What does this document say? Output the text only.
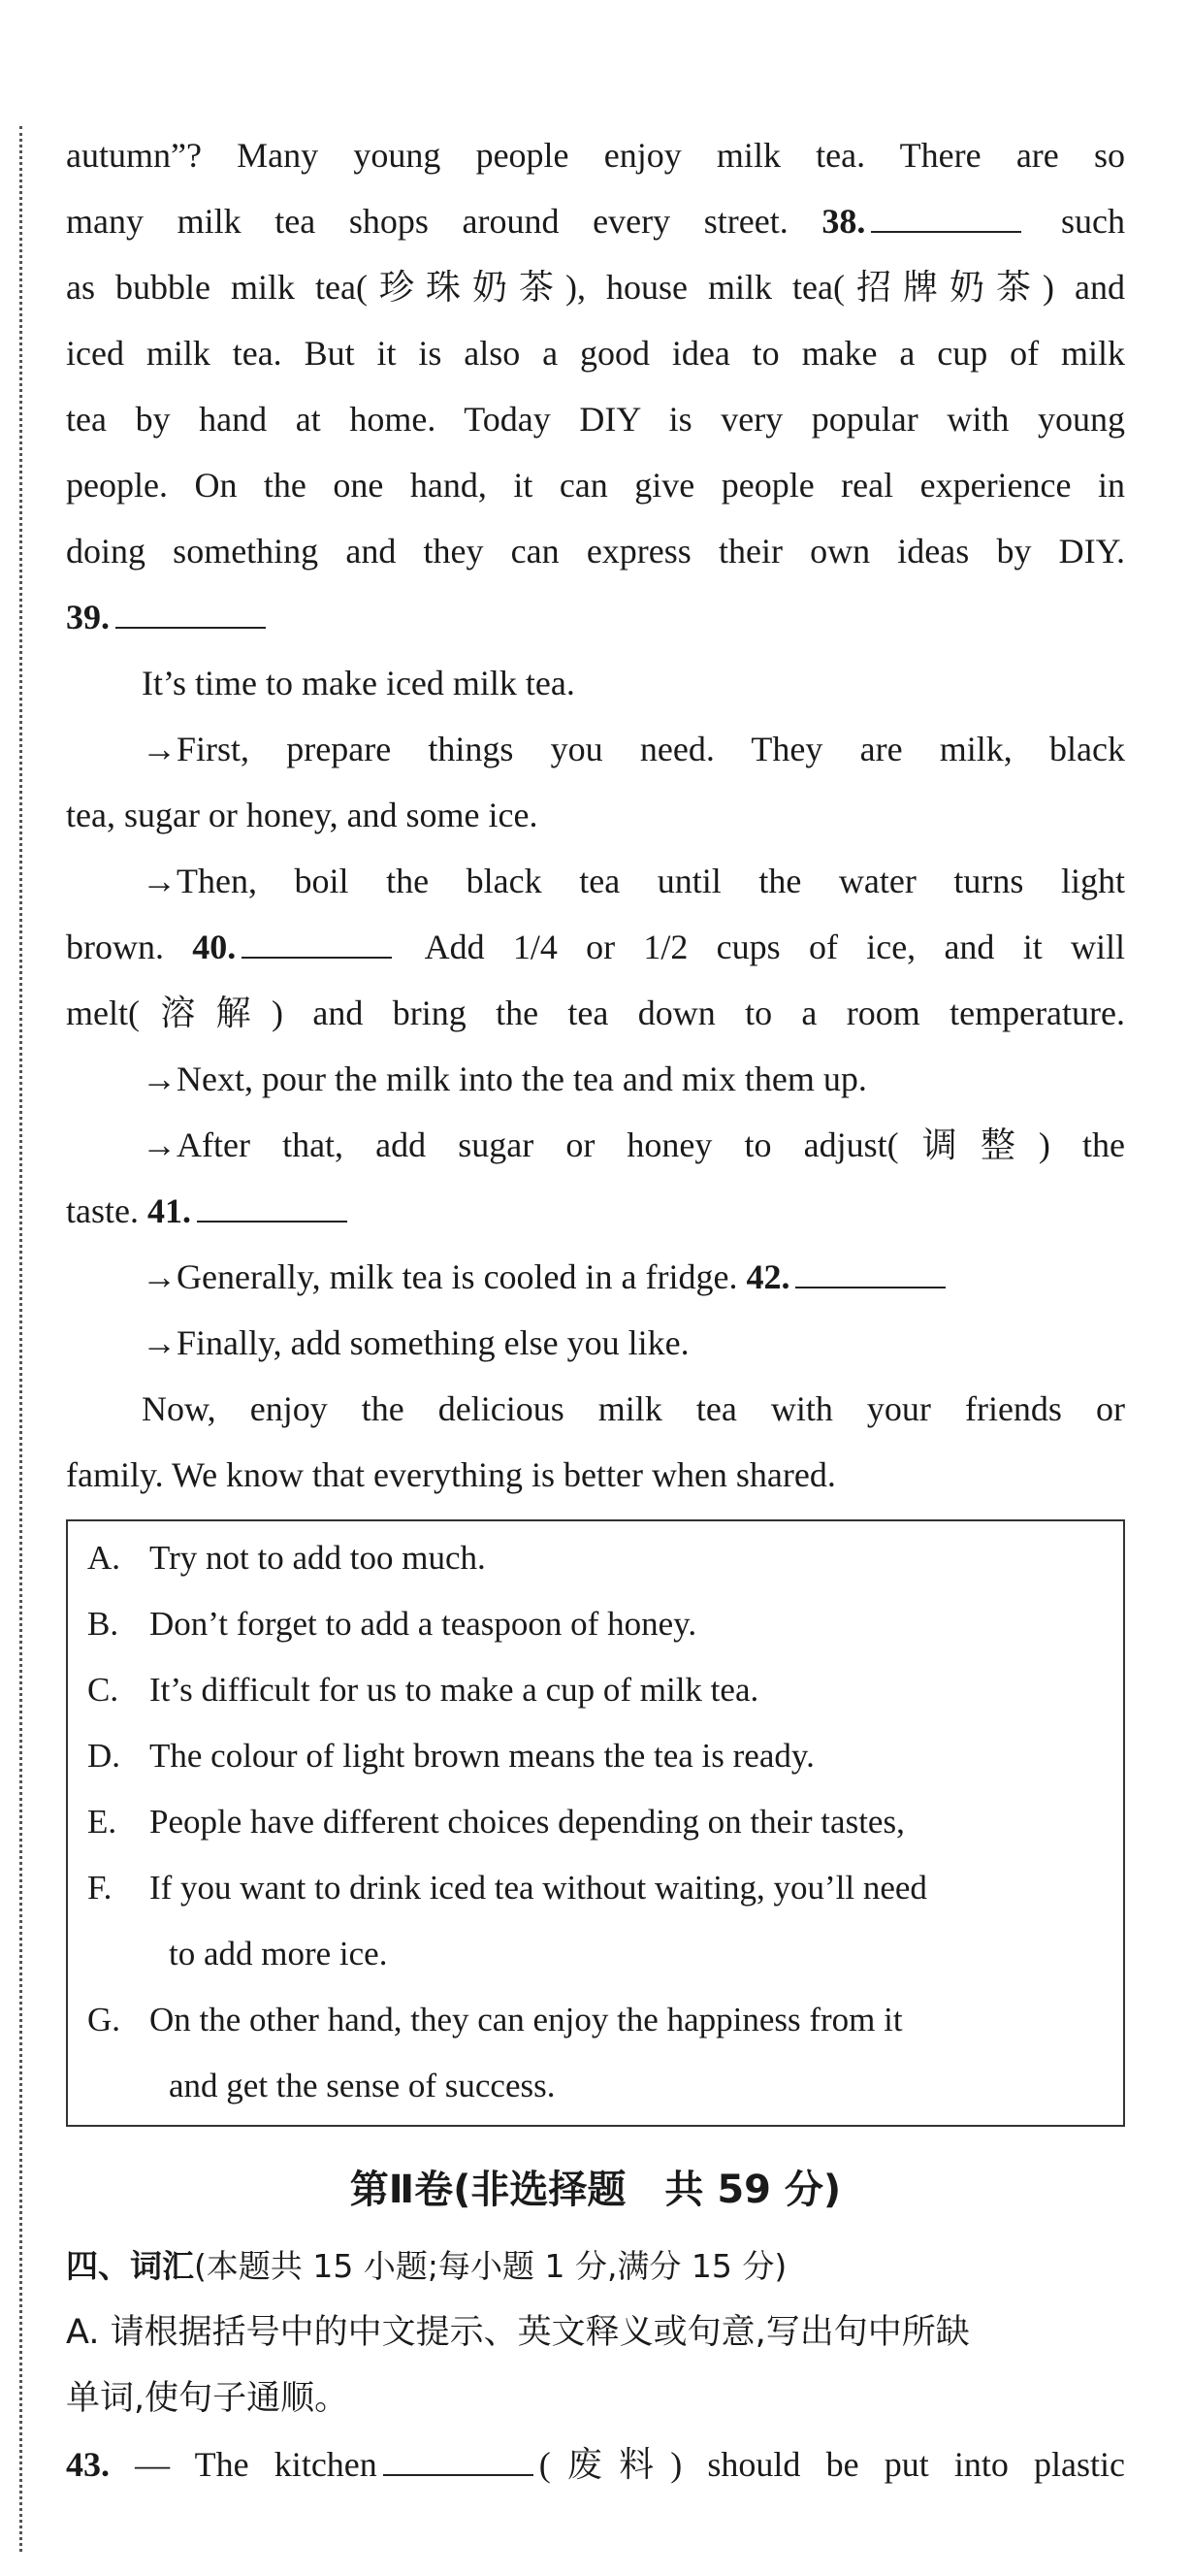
autumn”? Many young people enjoy milk tea. There are so
many milk tea shops around every street. 38.	such
as bubble milk tea(珍珠奶茶), house milk tea(招牌奶茶) and
iced milk tea. But it is also a good idea to make a cup of milk
tea by hand at home. Today DIY is very popular with young
people. On the one hand, it can give people real experience in
doing something and they can express their own ideas by DIY.
39.
It’s time to make iced milk tea.
→First, prepare things you need. They are milk, black
tea, sugar or honey, and some ice.
→Then, boil the black tea until the water turns light
brown. 40.	Add 1/4 or 1/2 cups of ice, and it will
melt(溶解) and bring the tea down to a room temperature.
→Next, pour the milk into the tea and mix them up.
→After that, add sugar or honey to adjust(调整) the
taste. 41.
→Generally, milk tea is cooled in a fridge. 42.
→Finally, add something else you like.
Now, enjoy the delicious milk tea with your friends or
family. We know that everything is better when shared.
A. Try not to add too much.
B. Don’t forget to add a teaspoon of honey.
C. It’s difficult for us to make a cup of milk tea.
D. The colour of light brown means the tea is ready.
E. People have different choices depending on their tastes,
F. If you want to drink iced tea without waiting, you’ll need
to add more ice.
G. On the other hand, they can enjoy the happiness from it
and get the sense of success.
第Ⅱ卷(非选择题　共 59 分)
四、词汇(本题共 15 小题;每小题 1 分,满分 15 分)
A. 请根据括号中的中文提示、英文释义或句意,写出句中所缺
单词,使句子通顺。
43. — The kitchen	(废料) should be put into plastic
